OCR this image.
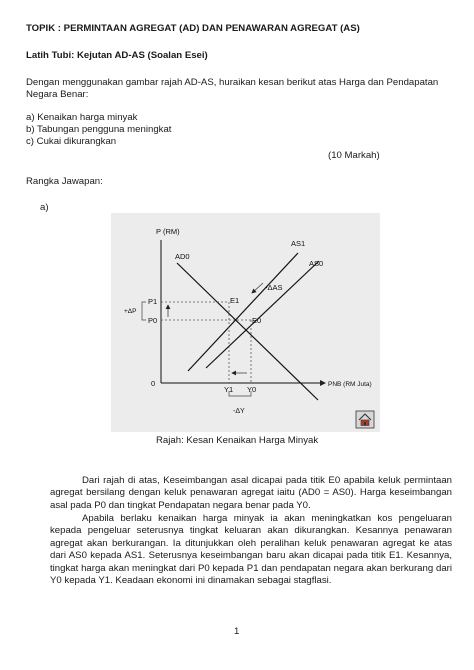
TOPIK : PERMINTAAN AGREGAT (AD) DAN PENAWARAN AGREGAT (AS)
Latih Tubi: Kejutan AD-AS (Soalan Esei)
Dengan menggunakan gambar rajah AD-AS, huraikan kesan berikut atas Harga dan Pendapatan
Negara Benar:
a) Kenaikan harga minyak
b) Tabungan pengguna meningkat
c) Cukai dikurangkan
(10 Markah)
Rangka Jawapan:
a)
P (RM)
AD0
AS1
AS0
-ΔAS
+ΔP
P1
P0
E1
E0
0
Y1 Y0
-ΔY
PNB (RM Juta)
Rajah: Kesan Kenaikan Harga Minyak
Dari rajah di atas, Keseimbangan asal dicapai pada titik E0 apabila keluk permintaan agregat bersilang dengan keluk penawaran agregat iaitu (AD0 = AS0). Harga keseimbangan asal pada P0 dan tingkat Pendapatan negara benar pada Y0.
Apabila berlaku kenaikan harga minyak ia akan meningkatkan kos pengeluaran kepada pengeluar seterusnya tingkat keluaran akan dikurangkan. Kesannya penawaran agregat akan berkurangan. Ia ditunjukkan oleh peralihan keluk penawaran agregat ke atas dari AS0 kepada AS1. Seterusnya keseimbangan baru akan dicapai pada titik E1. Kesannya, tingkat harga akan meningkat dari P0 kepada P1 dan pendapatan negara akan berkurang dari Y0 kepada Y1. Keadaan ekonomi ini dinamakan sebagai stagflasi.
1
